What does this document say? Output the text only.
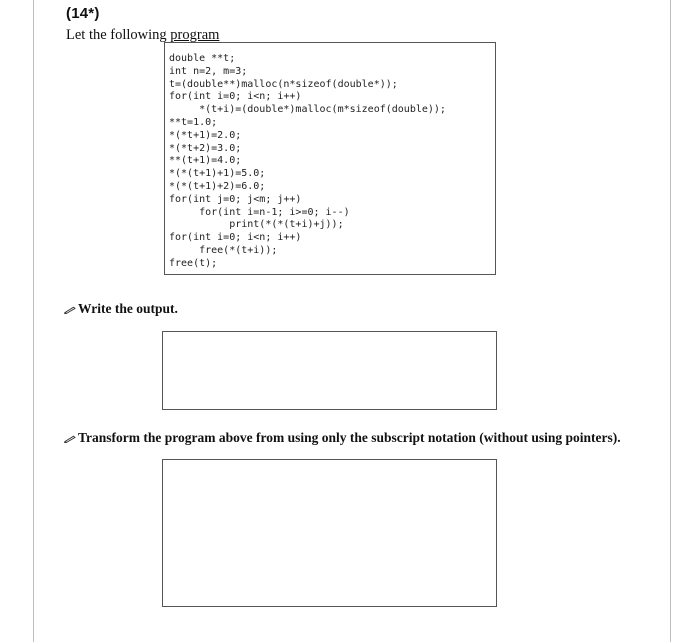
(14*)
Let the following program
double **t;
int n=2, m=3;
t=(double**)malloc(n*sizeof(double*));
for(int i=0; i<n; i++)
*(t+i)=(double*)malloc(m*sizeof(double));
**t=1.0;
*(*t+1)=2.0;
*(*t+2)=3.0;
**(t+1)=4.0;
*(*(t+1)+1)=5.0;
*(*(t+1)+2)=6.0;
for(int j=0; j<m; j++)
for(int i=n-1; i>=0; i--)
print(*(*(t+i)+j));
for(int i=0; i<n; i++)
free(*(t+i));
free(t);
Write the output.
Transform the program above from using only the subscript notation (without using pointers).
